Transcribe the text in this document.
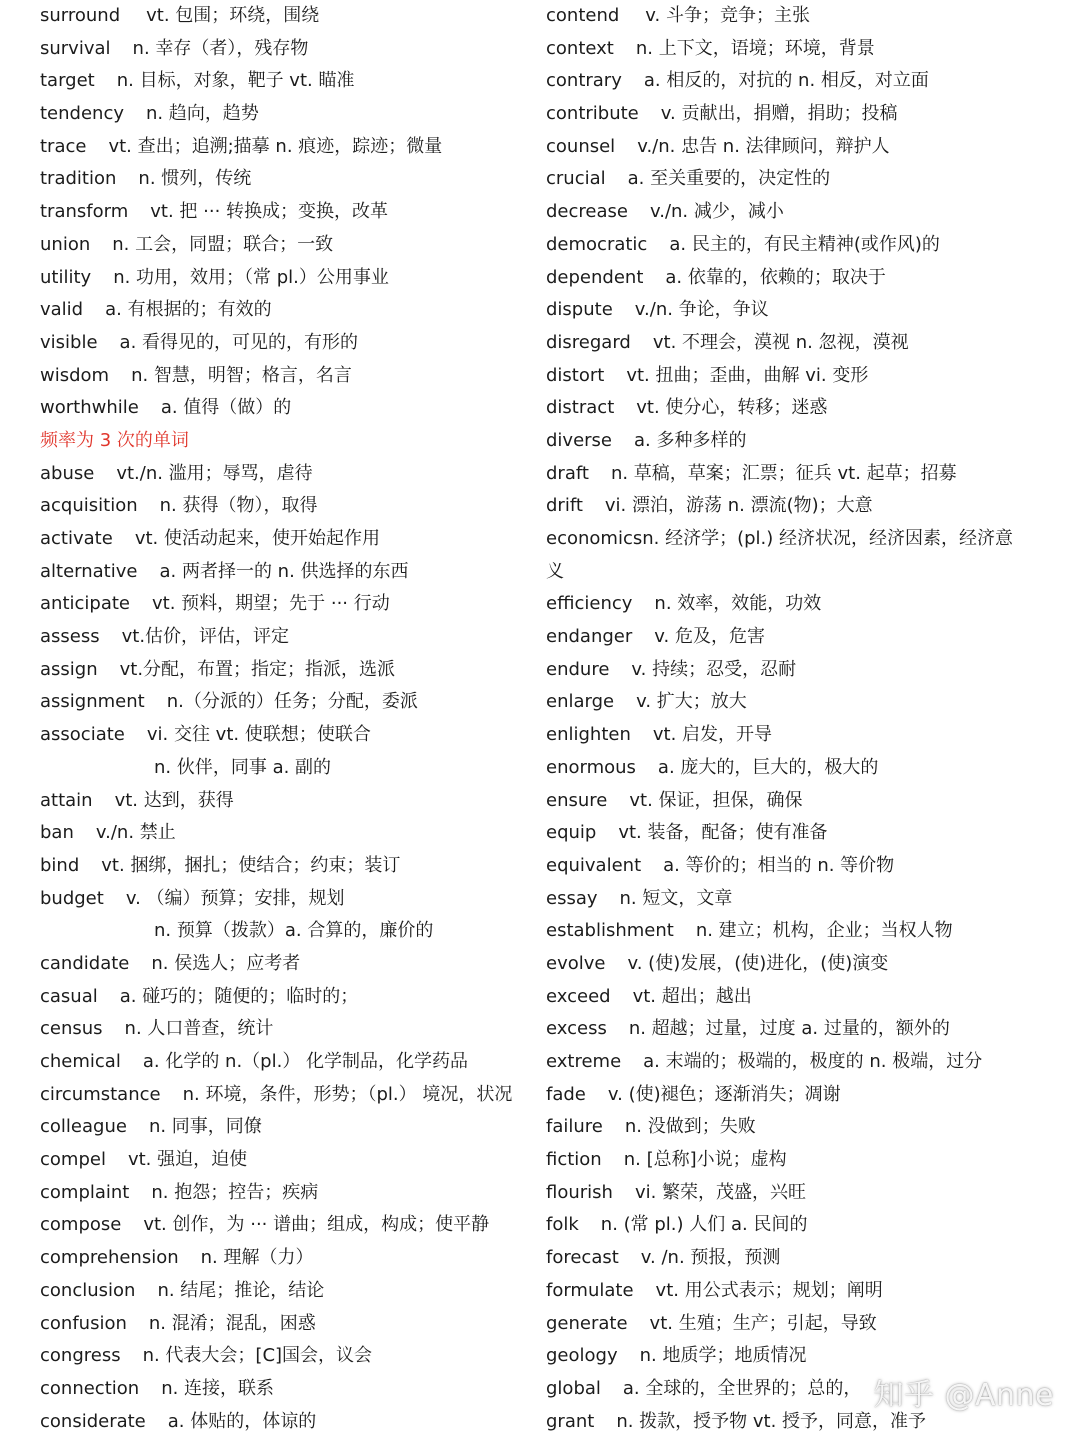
surround vt. 包围；环绕，围绕
survival n. 幸存（者），残存物
target n. 目标，对象，靶子 vt. 瞄准
tendency n. 趋向，趋势
trace vt. 查出；追溯;描摹 n. 痕迹，踪迹；微量
tradition n. 惯列，传统
transform vt. 把 ··· 转换成；变换，改革
union n. 工会，同盟；联合；一致
utility n. 功用，效用；（常 pl.）公用事业
valid a. 有根据的；有效的
visible a. 看得见的，可见的，有形的
wisdom n. 智慧，明智；格言，名言
worthwhile a. 值得（做）的
频率为 3 次的单词
abuse vt./n. 滥用；辱骂，虐待
acquisition n. 获得（物），取得
activate vt. 使活动起来，使开始起作用
alternative a. 两者择一的 n. 供选择的东西
anticipate vt. 预料，期望；先于 ··· 行动
assess vt.估价，评估，评定
assign vt.分配，布置；指定；指派，选派
assignment n.（分派的）任务；分配，委派
associate vi. 交往 vt. 使联想；使联合
n. 伙伴，同事 a. 副的
attain vt. 达到，获得
ban v./n. 禁止
bind vt. 捆绑，捆扎；使结合；约束；装订
budget v. （编）预算；安排，规划
n. 预算（拨款）a. 合算的，廉价的
candidate n. 侯选人；应考者
casual a. 碰巧的；随便的；临时的；
census n. 人口普查，统计
chemical a. 化学的 n.（pl.） 化学制品，化学药品
circumstance n. 环境，条件，形势；（pl.） 境况，状况
colleague n. 同事，同僚
compel vt. 强迫，迫使
complaint n. 抱怨；控告；疾病
compose vt. 创作，为 ··· 谱曲；组成，构成；使平静
comprehension n. 理解（力）
conclusion n. 结尾；推论，结论
confusion n. 混淆；混乱，困惑
congress n. 代表大会；[C]国会，议会
connection n. 连接，联系
considerate a. 体贴的，体谅的
contend v. 斗争；竞争；主张
context n. 上下文，语境；环境，背景
contrary a. 相反的，对抗的 n. 相反，对立面
contribute v. 贡献出，捐赠，捐助；投稿
counsel v./n. 忠告 n. 法律顾问，辩护人
crucial a. 至关重要的，决定性的
decrease v./n. 减少，减小
democratic a. 民主的，有民主精神(或作风)的
dependent a. 依靠的，依赖的；取决于
dispute v./n. 争论，争议
disregard vt. 不理会，漠视 n. 忽视，漠视
distort vt. 扭曲；歪曲，曲解 vi. 变形
distract vt. 使分心，转移；迷惑
diverse a. 多种多样的
draft n. 草稿，草案；汇票；征兵 vt. 起草；招募
drift vi. 漂泊，游荡 n. 漂流(物)；大意
economicsn. 经济学；(pl.) 经济状况，经济因素，经济意
义
efficiency n. 效率，效能，功效
endanger v. 危及，危害
endure v. 持续；忍受，忍耐
enlarge v. 扩大；放大
enlighten vt. 启发，开导
enormous a. 庞大的，巨大的，极大的
ensure vt. 保证，担保，确保
equip vt. 装备，配备；使有准备
equivalent a. 等价的；相当的 n. 等价物
essay n. 短文，文章
establishment n. 建立；机构，企业；当权人物
evolve v. (使)发展，(使)进化，(使)演变
exceed vt. 超出；越出
excess n. 超越；过量，过度 a. 过量的，额外的
extreme a. 末端的；极端的，极度的 n. 极端，过分
fade v. (使)褪色；逐渐消失；凋谢
failure n. 没做到；失败
fiction n. [总称]小说；虚构
flourish vi. 繁荣，茂盛，兴旺
folk n. (常 pl.) 人们 a. 民间的
forecast v. ∕n. 预报，预测
formulate vt. 用公式表示；规划；阐明
generate vt. 生殖；生产；引起，导致
geology n. 地质学；地质情况
global a. 全球的，全世界的；总的，
grant n. 拨款，授予物 vt. 授予，同意，准予
知乎 @Anne
